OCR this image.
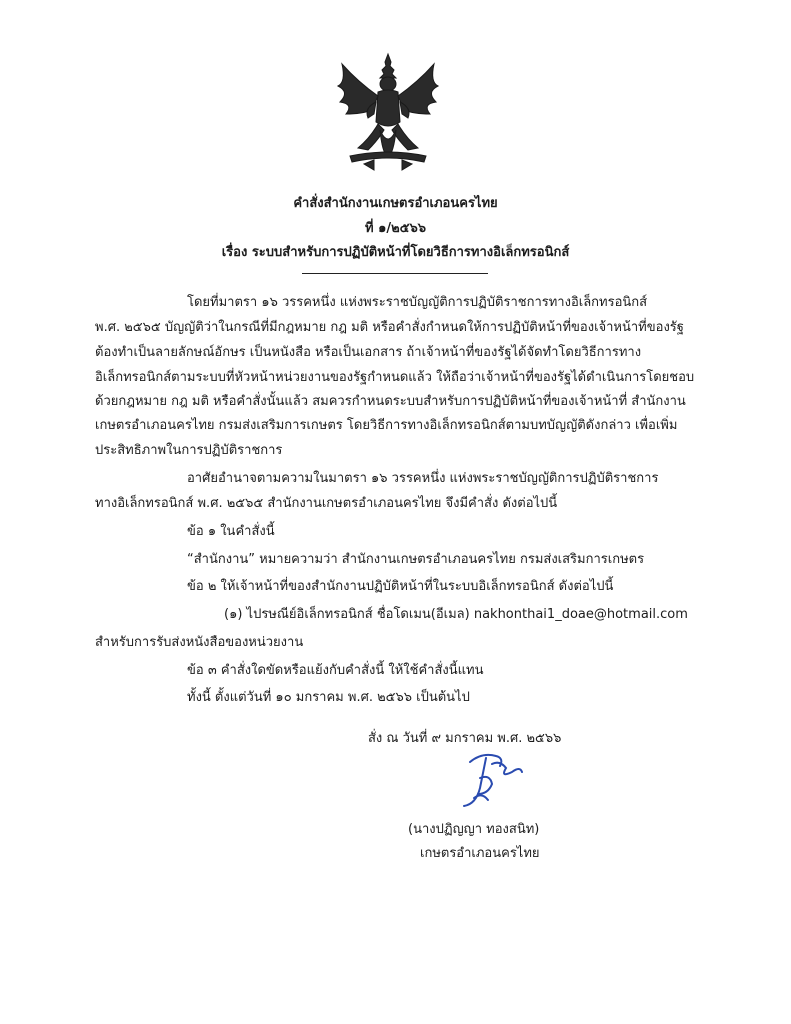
คำสั่งสำนักงานเกษตรอำเภอนครไทย
ที่ ๑/๒๕๖๖
เรื่อง ระบบสำหรับการปฏิบัติหน้าที่โดยวิธีการทางอิเล็กทรอนิกส์
โดยที่มาตรา ๑๖ วรรคหนึ่ง แห่งพระราชบัญญัติการปฏิบัติราชการทางอิเล็กทรอนิกส์
พ.ศ. ๒๕๖๕ บัญญัติว่าในกรณีที่มีกฎหมาย กฎ มติ หรือคำสั่งกำหนดให้การปฏิบัติหน้าที่ของเจ้าหน้าที่ของรัฐ
ต้องทำเป็นลายลักษณ์อักษร เป็นหนังสือ หรือเป็นเอกสาร ถ้าเจ้าหน้าที่ของรัฐได้จัดทำโดยวิธีการทาง
อิเล็กทรอนิกส์ตามระบบที่หัวหน้าหน่วยงานของรัฐกำหนดแล้ว ให้ถือว่าเจ้าหน้าที่ของรัฐได้ดำเนินการโดยชอบ
ด้วยกฎหมาย กฎ มติ หรือคำสั่งนั้นแล้ว สมควรกำหนดระบบสำหรับการปฏิบัติหน้าที่ของเจ้าหน้าที่ สำนักงาน
เกษตรอำเภอนครไทย กรมส่งเสริมการเกษตร โดยวิธีการทางอิเล็กทรอนิกส์ตามบทบัญญัติดังกล่าว เพื่อเพิ่ม
ประสิทธิภาพในการปฏิบัติราชการ
อาศัยอำนาจตามความในมาตรา ๑๖ วรรคหนึ่ง แห่งพระราชบัญญัติการปฏิบัติราชการ
ทางอิเล็กทรอนิกส์ พ.ศ. ๒๕๖๕ สำนักงานเกษตรอำเภอนครไทย จึงมีคำสั่ง ดังต่อไปนี้
ข้อ ๑ ในคำสั่งนี้
“สำนักงาน” หมายความว่า สำนักงานเกษตรอำเภอนครไทย กรมส่งเสริมการเกษตร
ข้อ ๒ ให้เจ้าหน้าที่ของสำนักงานปฏิบัติหน้าที่ในระบบอิเล็กทรอนิกส์ ดังต่อไปนี้
(๑) ไปรษณีย์อิเล็กทรอนิกส์ ชื่อโดเมน(อีเมล) nakhonthai1_doae@hotmail.com
สำหรับการรับส่งหนังสือของหน่วยงาน
ข้อ ๓ คำสั่งใดขัดหรือแย้งกับคำสั่งนี้ ให้ใช้คำสั่งนี้แทน
ทั้งนี้ ตั้งแต่วันที่ ๑๐ มกราคม พ.ศ. ๒๕๖๖ เป็นต้นไป
สั่ง ณ วันที่ ๙ มกราคม พ.ศ. ๒๕๖๖
(นางปฏิญญา ทองสนิท)
เกษตรอำเภอนครไทย
